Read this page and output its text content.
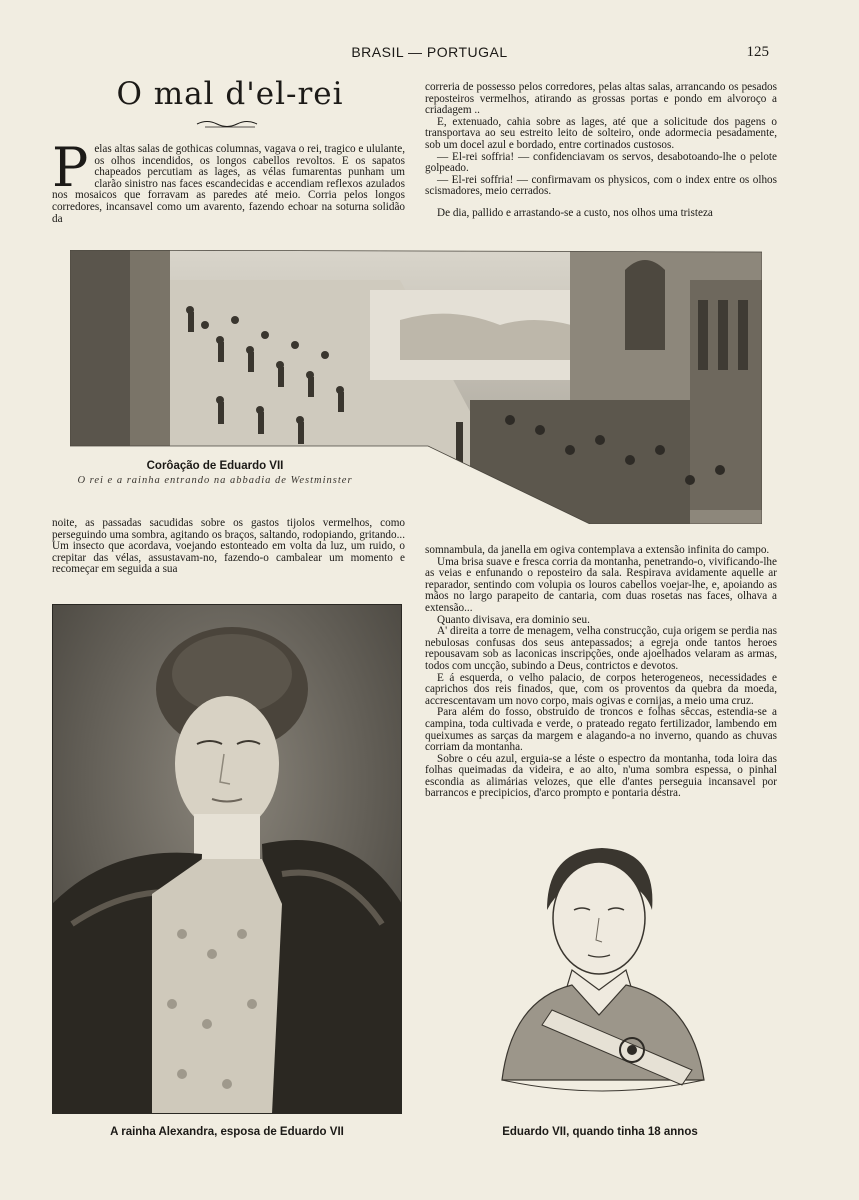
BRASIL — PORTUGAL	125
O mal d'el-rei
P elas altas salas de gothicas columnas, vagava o rei, tragico e ululante, os olhos incendidos, os longos cabellos revoltos. E os sapatos chapeados percutiam as lages, as vélas fumarentas punham um clarão sinistro nas faces escandecidas e accendiam reflexos azulados nos mosaicos que forravam as paredes até meio. Corria pelos longos corredores, incansavel como um avarento, fazendo echoar na soturna solidão da

correria de possesso pelos corredores, pelas altas salas, arrancando os pesados reposteiros vermelhos, atirando as grossas portas e pondo em alvoroço a criadagem ..

E, extenuado, cahia sobre as lages, até que a solicitude dos pagens o transportava ao seu estreito leito de solteiro, onde adormecia pesadamente, sob um docel azul e bordado, entre cortinados custosos.

— El-rei soffria! — confidenciavam os servos, desabotoando-lhe o pelote golpeado.

— El-rei soffria! — confirmavam os physicos, com o index entre os olhos scismadores, meio cerrados.

De dia, pallido e arrastando-se a custo, nos olhos uma tristeza

Corôação de Eduardo VII
O rei e a rainha entrando na abbadia de Westminster

noite, as passadas sacudidas sobre os gastos tijolos vermelhos, como perseguindo uma sombra, agitando os braços, saltando, rodopiando, gritando... Um insecto que acordava, voejando estonteado em volta da luz, um ruido, o crepitar das vélas, assustavam-no, fazendo-o cambalear um momento e recomeçar em seguida a sua

somnambula, da janella em ogiva contemplava a extensão infinita do campo.

Uma brisa suave e fresca corria da montanha, penetrando-o, vivificando-lhe as veias e enfunando o reposteiro da sala. Respirava avidamente aquelle ar reparador, sentindo com volupia os louros cabellos voejar-lhe, e, apoiando as mãos no largo parapeito de cantaria, com duas rosetas nas faces, olhava a extensão...

Quanto divisava, era dominio seu.

A' direita a torre de menagem, velha construcção, cuja origem se perdia nas nebulosas confusas dos seus antepassados; a egreja onde tantos heroes repousavam sob as laconicas inscripções, onde ajoelhados velaram as armas, todos com uncção, subindo a Deus, contrictos e devotos.

E á esquerda, o velho palacio, de corpos heterogeneos, necessidades e caprichos dos reis finados, que, com os proventos da quebra da moeda, accrescentavam um novo corpo, mais ogivas e cornijas, a meio uma cruz.

Para além do fosso, obstruido de troncos e folhas sêccas, estendia-se a campina, toda cultivada e verde, o prateado regato fertilizador, lambendo em queixumes as sarças da margem e alagando-a no inverno, quando as chuvas corriam da montanha.

Sobre o céu azul, erguia-se a léste o espectro da montanha, toda loira das folhas queimadas da videira, e ao alto, n'uma sombra espessa, o pinhal escondia as alimárias velozes, que elle d'antes perseguia incansavel por barrancos e precipicios, d'arco prompto e pontaria déstra.

A rainha Alexandra, esposa de Eduardo VII	Eduardo VII, quando tinha 18 annos
